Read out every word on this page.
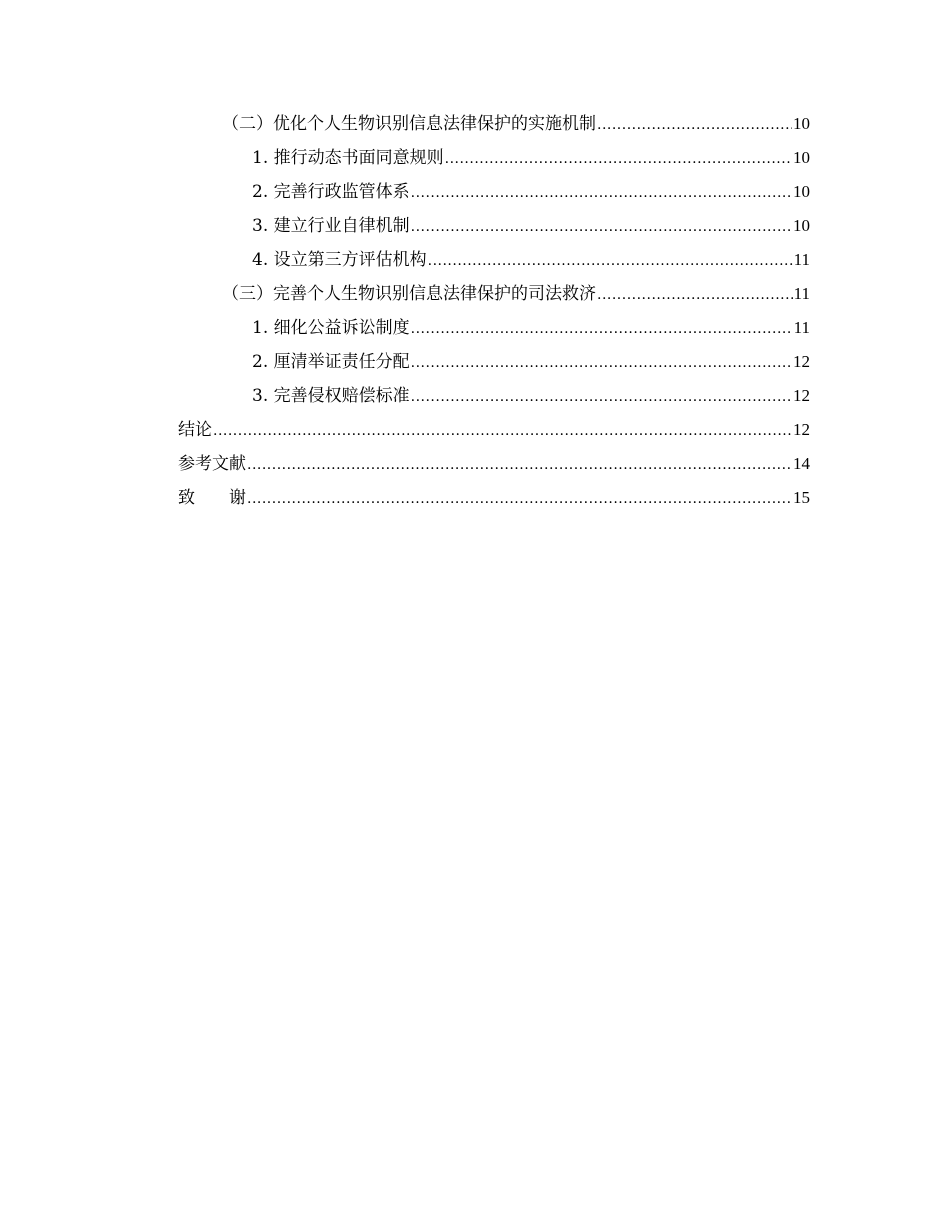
（二）优化个人生物识别信息法律保护的实施机制 .....	10
1. 推行动态书面同意规则 .....	10
2. 完善行政监管体系 .....	10
3. 建立行业自律机制 .....	10
4. 设立第三方评估机构 .....	11
（三）完善个人生物识别信息法律保护的司法救济 .....	11
1. 细化公益诉讼制度 .....	11
2. 厘清举证责任分配 .....	12
3. 完善侵权赔偿标准 .....	12
结论 .....	12
参考文献 .....	14
致 谢 .....	15
